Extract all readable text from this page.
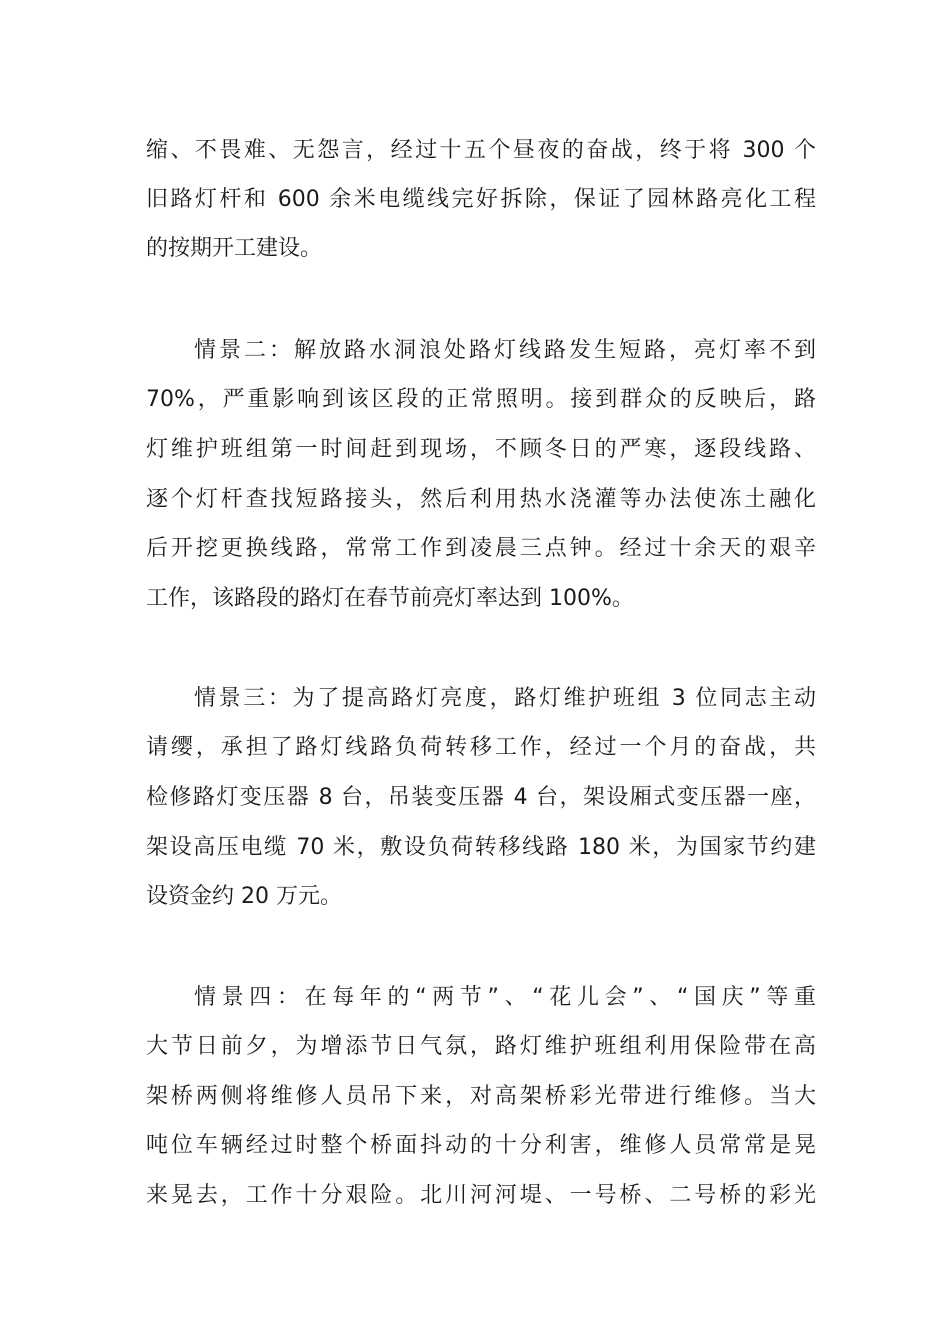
缩、不畏难、无怨言，经过十五个昼夜的奋战，终于将 300 个
旧路灯杆和 600 余米电缆线完好拆除，保证了园林路亮化工程
的按期开工建设。
情景二：解放路水洞浪处路灯线路发生短路，亮灯率不到
70%，严重影响到该区段的正常照明。接到群众的反映后，路
灯维护班组第一时间赶到现场，不顾冬日的严寒，逐段线路、
逐个灯杆查找短路接头，然后利用热水浇灌等办法使冻土融化
后开挖更换线路，常常工作到凌晨三点钟。经过十余天的艰辛
工作，该路段的路灯在春节前亮灯率达到 100%。
情景三：为了提高路灯亮度，路灯维护班组 3 位同志主动
请缨，承担了路灯线路负荷转移工作，经过一个月的奋战，共
检修路灯变压器 8 台，吊装变压器 4 台，架设厢式变压器一座，
架设高压电缆 70 米，敷设负荷转移线路 180 米，为国家节约建
设资金约 20 万元。
情景四：在每年的“两节”、“花儿会”、“国庆”等重
大节日前夕，为增添节日气氛，路灯维护班组利用保险带在高
架桥两侧将维修人员吊下来，对高架桥彩光带进行维修。当大
吨位车辆经过时整个桥面抖动的十分利害，维修人员常常是晃
来晃去，工作十分艰险。北川河河堤、一号桥、二号桥的彩光
